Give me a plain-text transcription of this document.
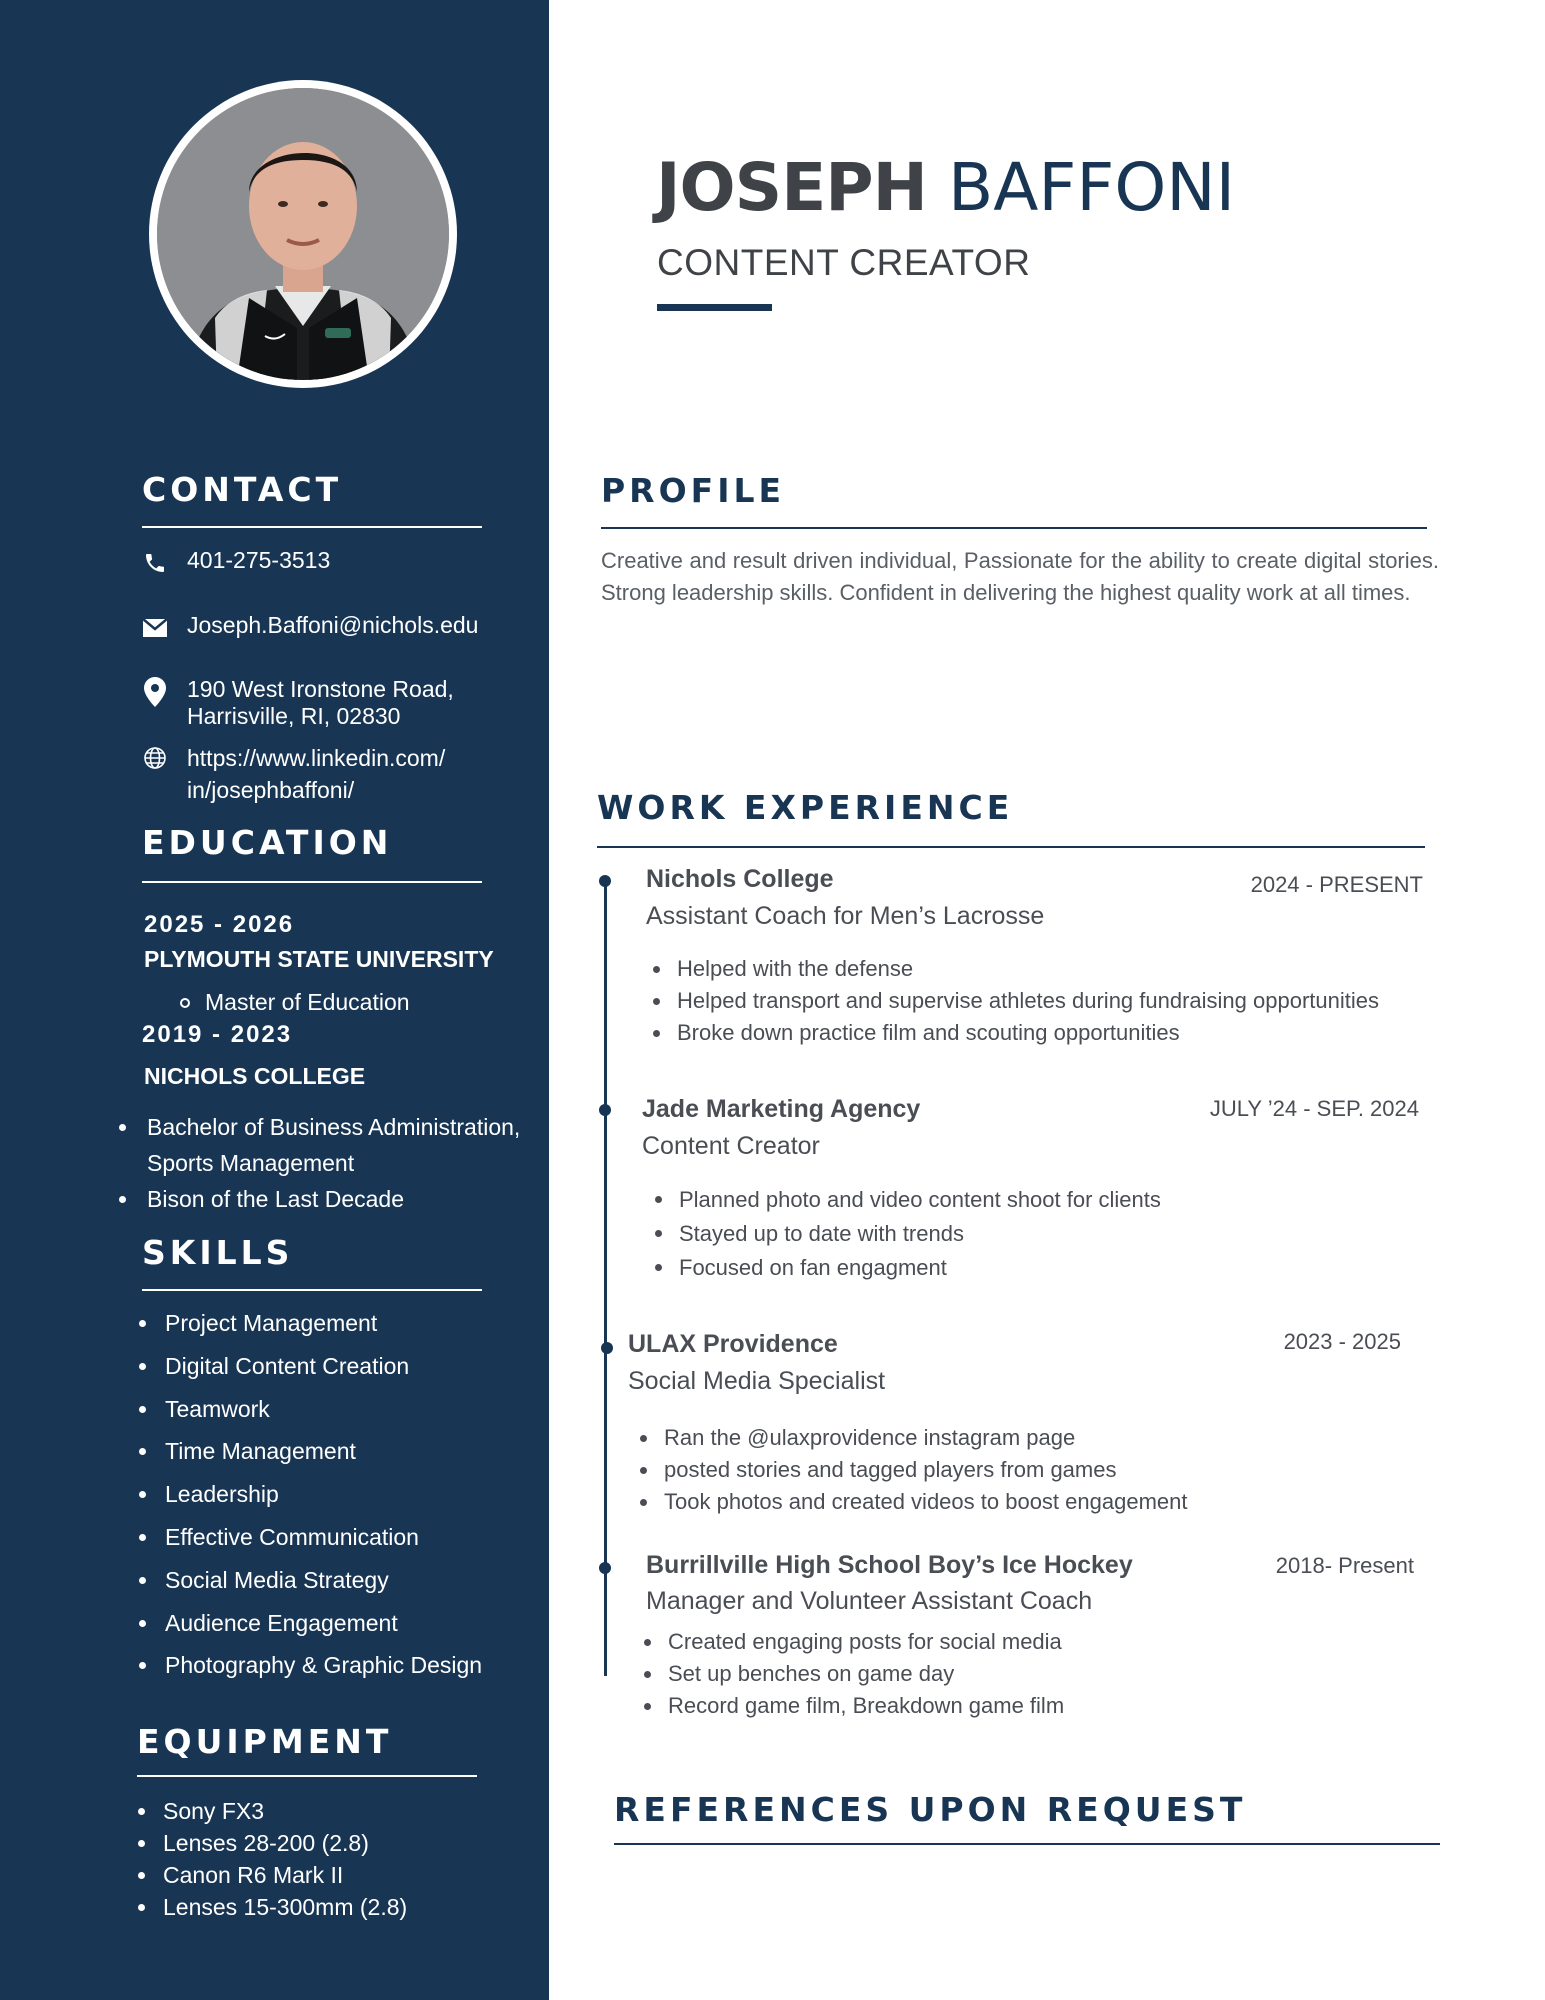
CONTACT
401-275-3513
Joseph.Baffoni@nichols.edu
190 West Ironstone Road,
Harrisville, RI, 02830
https://www.linkedin.com/
in/josephbaffoni/
EDUCATION
2025 - 2026
PLYMOUTH STATE UNIVERSITY
Master of Education
2019 - 2023
NICHOLS COLLEGE
Bachelor of Business Administration,
Sports Management
Bison of the Last Decade
SKILLS
Project Management
Digital Content Creation
Teamwork
Time Management
Leadership
Effective Communication
Social Media Strategy
Audience Engagement
Photography & Graphic Design
EQUIPMENT
Sony FX3
Lenses 28-200 (2.8)
Canon R6 Mark II
Lenses 15-300mm (2.8)
JOSEPH BAFFONI
CONTENT CREATOR
PROFILE

Creative and result driven individual, Passionate for the ability to create digital stories. Strong leadership skills. Confident in delivering the highest quality work at all times.

WORK EXPERIENCE
Nichols College	2024 - PRESENT
Assistant Coach for Men’s Lacrosse
Helped with the defense
Helped transport and supervise athletes during fundraising opportunities
Broke down practice film and scouting opportunities
Jade Marketing Agency	JULY ’24 - SEP. 2024
Content Creator
Planned photo and video content shoot for clients
Stayed up to date with trends
Focused on fan engagment
ULAX Providence	2023 - 2025
Social Media Specialist
Ran the @ulaxprovidence instagram page
posted stories and tagged players from games
Took photos and created videos to boost engagement
Burrillville High School Boy’s Ice Hockey	2018- Present
Manager and Volunteer Assistant Coach
Created engaging posts for social media
Set up benches on game day
Record game film, Breakdown game film
REFERENCES UPON REQUEST
